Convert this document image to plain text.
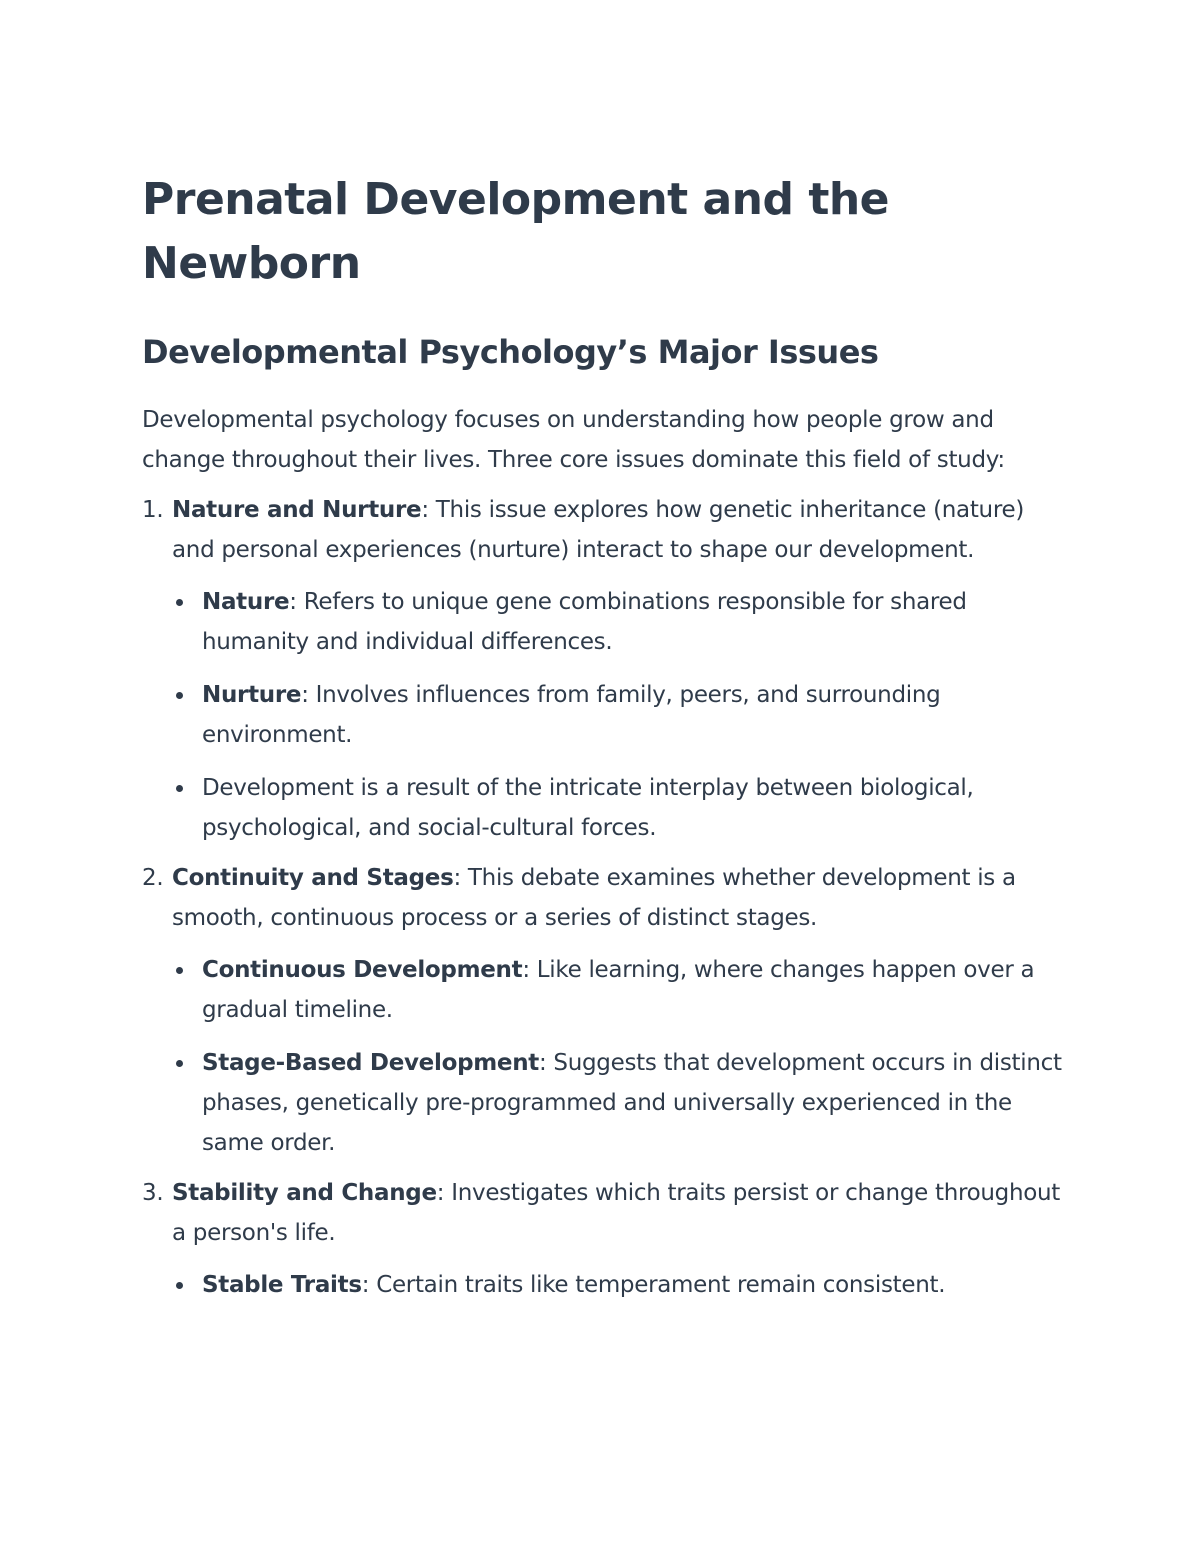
Prenatal Development and the Newborn
Developmental Psychology’s Major Issues

Developmental psychology focuses on understanding how people grow and change throughout their lives. Three core issues dominate this field of study:

1. Nature and Nurture: This issue explores how genetic inheritance (nature) and personal experiences (nurture) interact to shape our development.
Nature: Refers to unique gene combinations responsible for shared humanity and individual differences.
Nurture: Involves influences from family, peers, and surrounding environment.
Development is a result of the intricate interplay between biological, psychological, and social-cultural forces.
2. Continuity and Stages: This debate examines whether development is a smooth, continuous process or a series of distinct stages.
Continuous Development: Like learning, where changes happen over a gradual timeline.
Stage-Based Development: Suggests that development occurs in distinct phases, genetically pre-programmed and universally experienced in the same order.
3. Stability and Change: Investigates which traits persist or change throughout a person's life.
Stable Traits: Certain traits like temperament remain consistent.
